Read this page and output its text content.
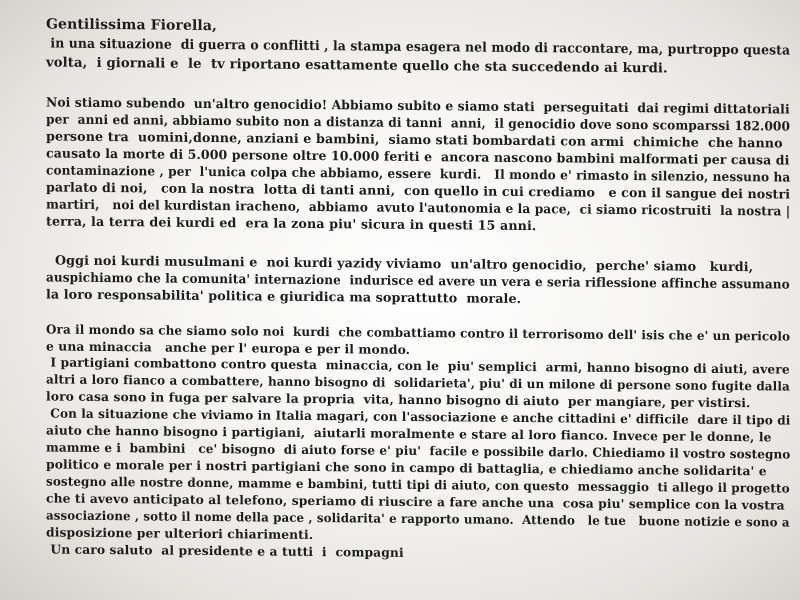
Gentilissima Fiorella,
in una situazione  di guerra o conflitti , la stampa esagera nel modo di raccontare, ma, purtroppo questa
volta,  i giornali e  le  tv riportano esattamente quello che sta succedendo ai kurdi.
Noi stiamo subendo  un'altro genocidio! Abbiamo subito e siamo stati  perseguitati  dai regimi dittatoriali
per  anni ed anni, abbiamo subito non a distanza di tanni  anni,  il genocidio dove sono scomparssi 182.000
persone tra  uomini,donne, anziani e bambini,  siamo stati bombardati con armi  chimiche  che hanno
causato la morte di 5.000 persone oltre 10.000 feriti e  ancora nascono bambini malformati per causa di
contaminazione , per  l'unica colpa che abbiamo, essere  kurdi.   Il mondo e' rimasto in silenzio, nessuno ha
parlato di noi,   con la nostra  lotta di tanti anni,  con quello in cui crediamo   e con il sangue dei nostri
martiri,   noi del kurdistan iracheno,  abbiamo  avuto l'autonomia e la pace,  ci siamo ricostruiti  la nostra |
terra, la terra dei kurdi ed  era la zona piu' sicura in questi 15 anni.
Oggi noi kurdi musulmani e  noi kurdi yazidy viviamo  un'altro genocidio,  perche' siamo   kurdi,
auspichiamo che la comunita' internazione  indurisce ed avere un vera e seria riflessione affinche assumano
la loro responsabilita' politica e giuridica ma soprattutto  morale.
Ora il mondo sa che siamo solo noi  kurdi  che combattiamo contro il terrorisomo dell' isis che e' un pericolo
e una minaccia   anche per l' europa e per il mondo.
I partigiani combattono contro questa  minaccia, con le  piu' semplici  armi, hanno bisogno di aiuti, avere
altri a loro fianco a combattere, hanno bisogno di  solidarieta', piu' di un milone di persone sono fugite dalla
loro casa sono in fuga per salvare la propria  vita, hanno bisogno di aiuto  per mangiare, per vistirsi.
Con la situazione che viviamo in Italia magari, con l'associazione e anche cittadini e' difficile  dare il tipo di
aiuto che hanno bisogno i partigiani,  aiutarli moralmente e stare al loro fianco. Invece per le donne, le
mamme e i  bambini   ce' bisogno  di aiuto forse e' piu'  facile e possibile darlo. Chiediamo il vostro sostegno
politico e morale per i nostri partigiani che sono in campo di battaglia, e chiediamo anche solidarita' e
sostegno alle nostre donne, mamme e bambini, tutti tipi di aiuto, con questo  messaggio  ti allego il progetto
che ti avevo anticipato al telefono, speriamo di riuscire a fare anche una  cosa piu' semplice con la vostra
associazione , sotto il nome della pace , solidarita' e rapporto umano.  Attendo   le tue   buone notizie e sono a
disposizione per ulteriori chiarimenti.
Un caro saluto  al presidente e a tutti  i  compagni
